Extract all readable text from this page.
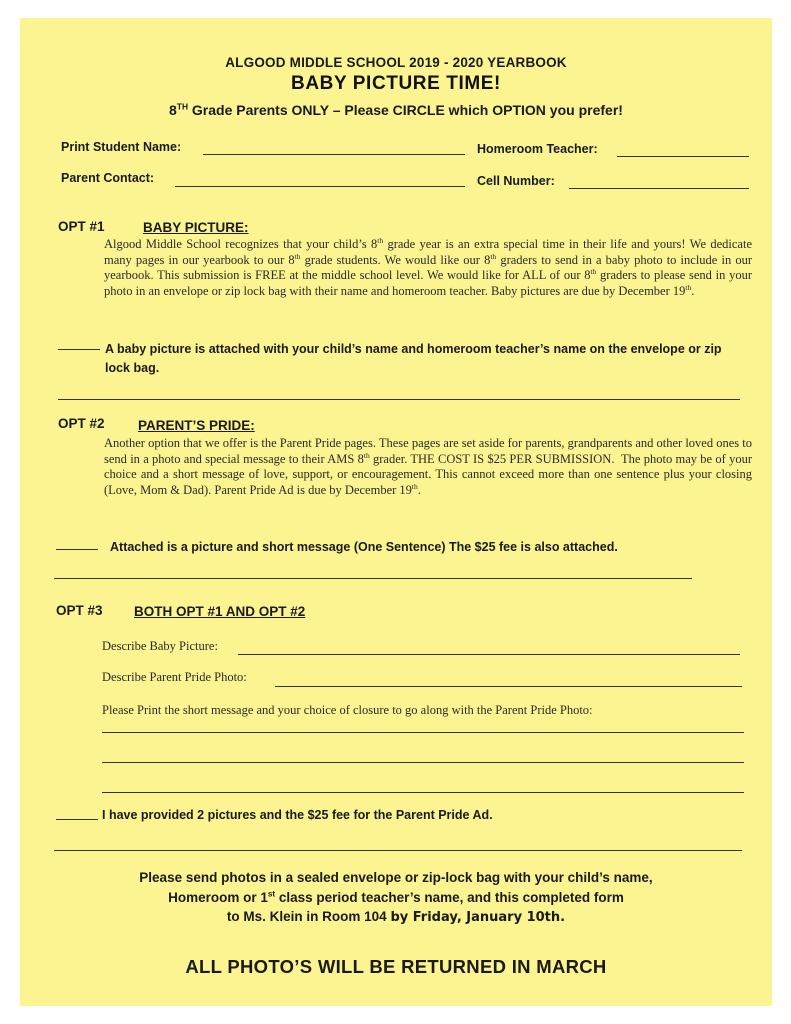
ALGOOD MIDDLE SCHOOL 2019 - 2020 YEARBOOK
BABY PICTURE TIME!
8TH Grade Parents ONLY – Please CIRCLE which OPTION you prefer!
Print Student Name:	Homeroom Teacher:
Parent Contact:	Cell Number:
OPT #1	BABY PICTURE:
Algood Middle School recognizes that your child’s 8th grade year is an extra special time in their life and yours! We dedicate many pages in our yearbook to our 8th grade students. We would like our 8th graders to send in a baby photo to include in our yearbook. This submission is FREE at the middle school level. We would like for ALL of our 8th graders to please send in your photo in an envelope or zip lock bag with their name and homeroom teacher. Baby pictures are due by December 19th.
A baby picture is attached with your child’s name and homeroom teacher’s name on the envelope or zip lock bag.
OPT #2 PARENT’S PRIDE:
Another option that we offer is the Parent Pride pages. These pages are set aside for parents, grandparents and other loved ones to send in a photo and special message to their AMS 8th grader. THE COST IS $25 PER SUBMISSION.  The photo may be of your choice and a short message of love, support, or encouragement. This cannot exceed more than one sentence plus your closing (Love, Mom & Dad). Parent Pride Ad is due by December 19th.
Attached is a picture and short message (One Sentence) The $25 fee is also attached.
OPT #3 BOTH OPT #1 AND OPT #2
Describe Baby Picture:
Describe Parent Pride Photo:
Please Print the short message and your choice of closure to go along with the Parent Pride Photo:
I have provided 2 pictures and the $25 fee for the Parent Pride Ad.
Please send photos in a sealed envelope or zip-lock bag with your child’s name,
Homeroom or 1st class period teacher’s name, and this completed form
to Ms. Klein in Room 104 by Friday, January 10th.
ALL PHOTO’S WILL BE RETURNED IN MARCH
